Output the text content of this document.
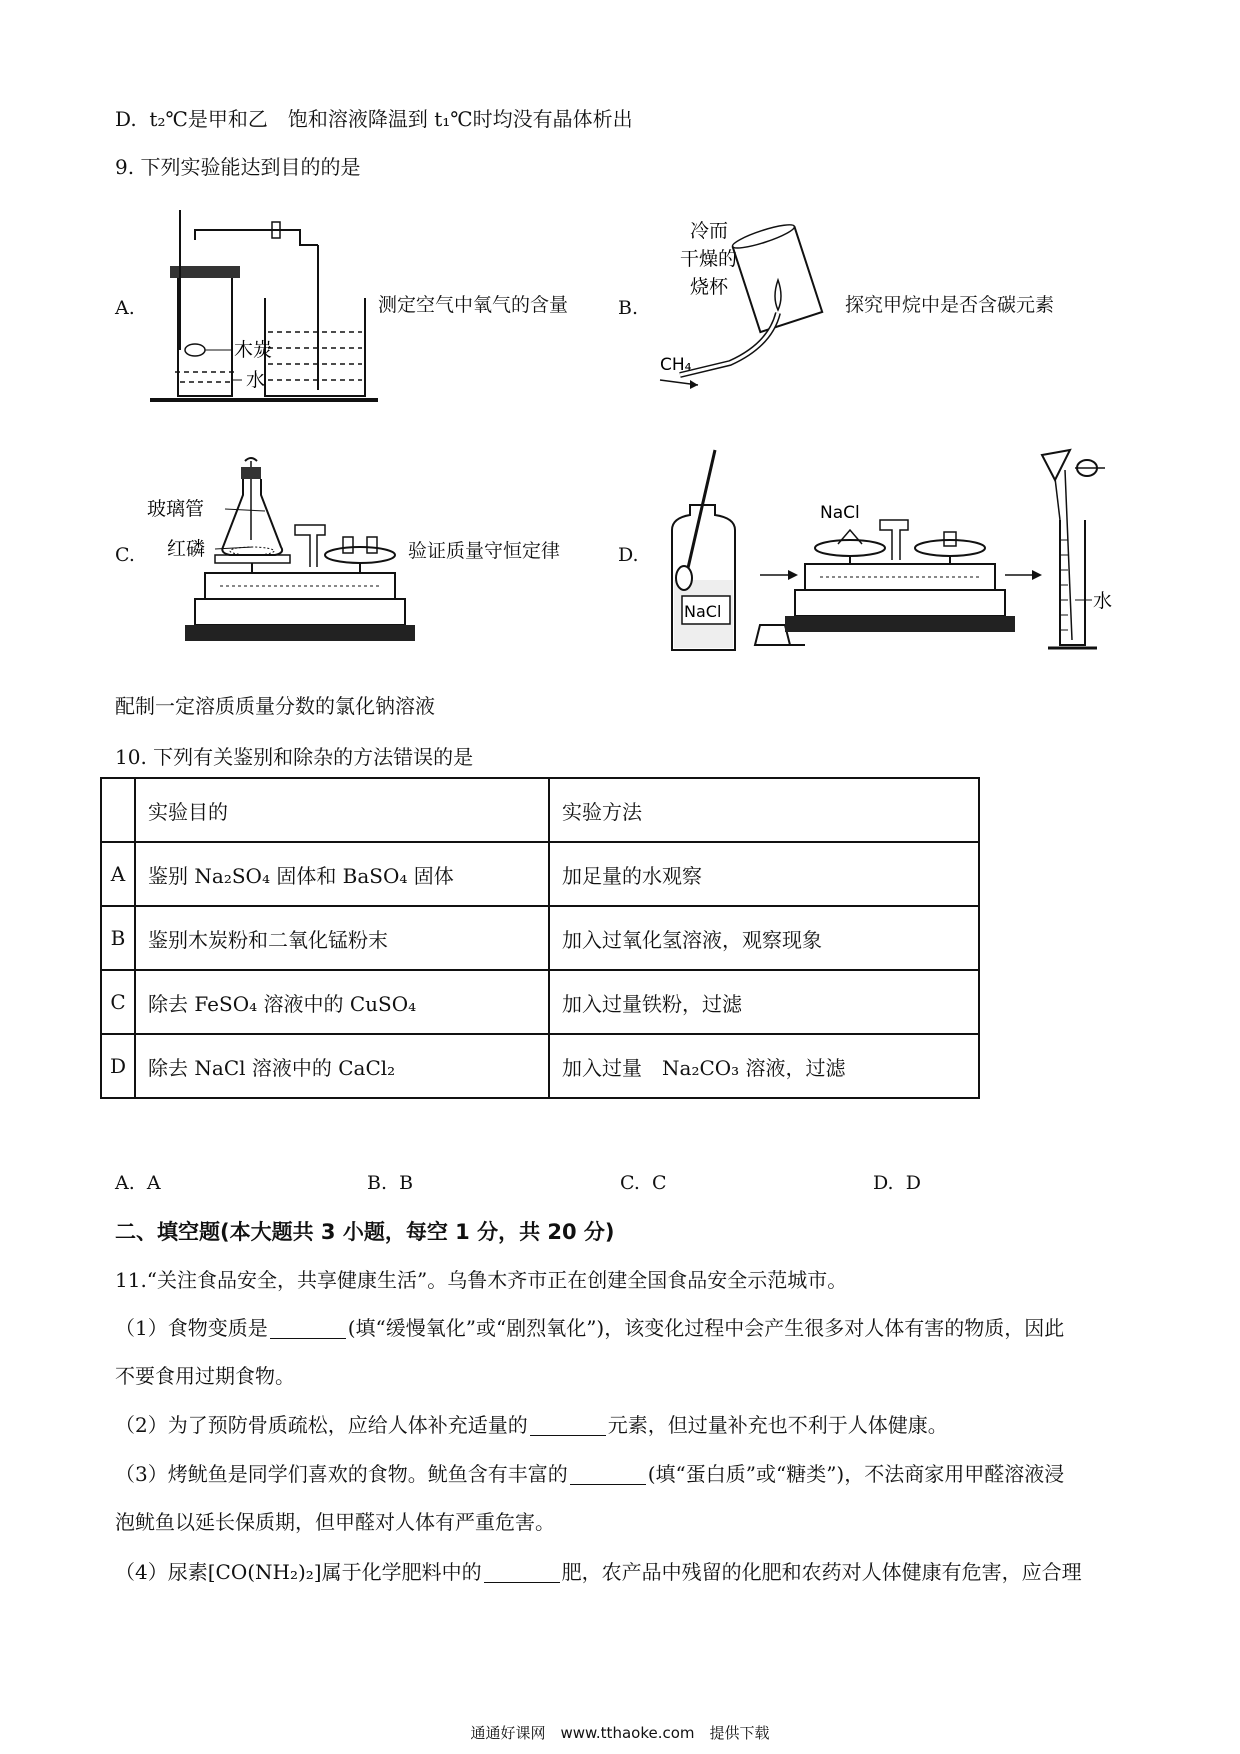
D. t₂℃是甲和乙　饱和溶液降温到 t₁℃时均没有晶体析出
9. 下列实验能达到目的的是
A.
木炭
水
测定空气中氧气的含量	B.
冷而
干燥的
烧杯
CH₄
探究甲烷中是否含碳元素
C.
玻璃管
红磷	验证质量守恒定律	D.
NaCl
NaCl
水
配制一定溶质质量分数的氯化钠溶液
10. 下列有关鉴别和除杂的方法错误的是
	实验目的	实验方法
A	鉴别 Na₂SO₄ 固体和 BaSO₄ 固体	加足量的水观察
B	鉴别木炭粉和二氧化锰粉末	加入过氧化氢溶液，观察现象
C	除去 FeSO₄ 溶液中的 CuSO₄	加入过量铁粉，过滤
D	除去 NaCl 溶液中的 CaCl₂	加入过量　Na₂CO₃ 溶液，过滤
A. A	B. B	C. C	D. D
二、填空题(本大题共 3 小题，每空 1 分，共 20 分)
11.“关注食品安全，共享健康生活”。乌鲁木齐市正在创建全国食品安全示范城市。
（1）食物变质是	(填“缓慢氧化”或“剧烈氧化”)，该变化过程中会产生很多对人体有害的物质，因此
不要食用过期食物。
（2）为了预防骨质疏松，应给人体补充适量的	元素，但过量补充也不利于人体健康。
（3）烤鱿鱼是同学们喜欢的食物。鱿鱼含有丰富的	(填“蛋白质”或“糖类”)，不法商家用甲醛溶液浸
泡鱿鱼以延长保质期，但甲醛对人体有严重危害。
（4）尿素[CO(NH₂)₂]属于化学肥料中的	肥，农产品中残留的化肥和农药对人体健康有危害，应合理
通通好课网　www.tthaoke.com　提供下载
